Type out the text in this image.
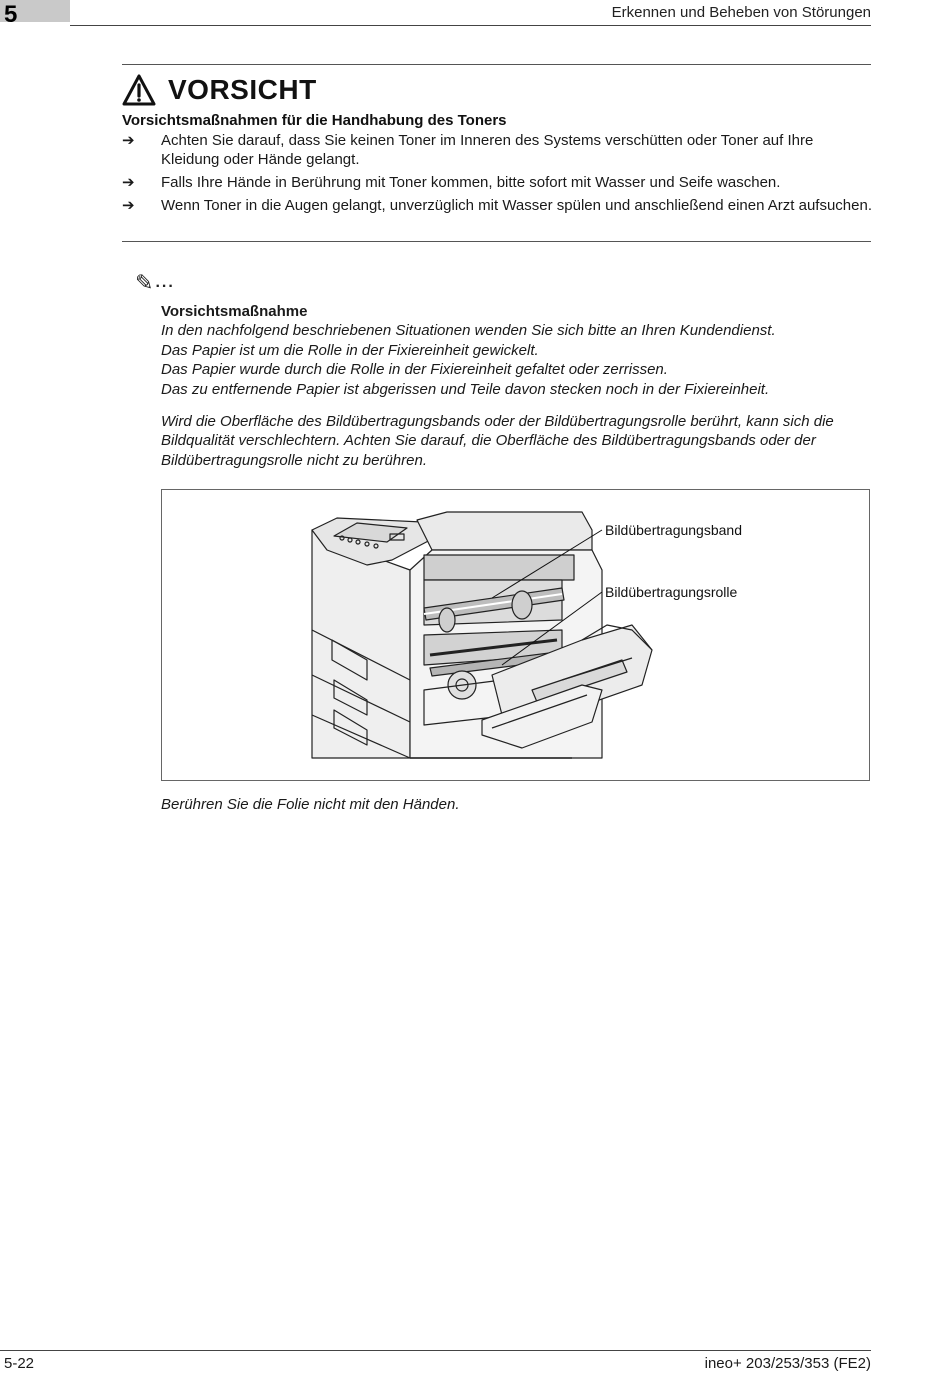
5	Erkennen und Beheben von Störungen
VORSICHT
Vorsichtsmaßnahmen für die Handhabung des Toners
➔	Achten Sie darauf, dass Sie keinen Toner im Inneren des Systems verschütten oder Toner auf Ihre Kleidung oder Hände gelangt.
➔	Falls Ihre Hände in Berührung mit Toner kommen, bitte sofort mit Wasser und Seife waschen.
➔	Wenn Toner in die Augen gelangt, unverzüglich mit Wasser spülen und anschließend einen Arzt aufsuchen.
✎ ...
Vorsichtsmaßnahme
In den nachfolgend beschriebenen Situationen wenden Sie sich bitte an Ihren Kundendienst.
Das Papier ist um die Rolle in der Fixiereinheit gewickelt.
Das Papier wurde durch die Rolle in der Fixiereinheit gefaltet oder zerrissen.
Das zu entfernende Papier ist abgerissen und Teile davon stecken noch in der Fixiereinheit.
Wird die Oberfläche des Bildübertragungsbands oder der Bildübertragungsrolle berührt, kann sich die
Bildqualität verschlechtern. Achten Sie darauf, die Oberfläche des Bildübertragungsbands oder der
Bildübertragungsrolle nicht zu berühren.
Bildübertragungsband
Bildübertragungsrolle
Berühren Sie die Folie nicht mit den Händen.
5-22	ineo+ 203/253/353 (FE2)
